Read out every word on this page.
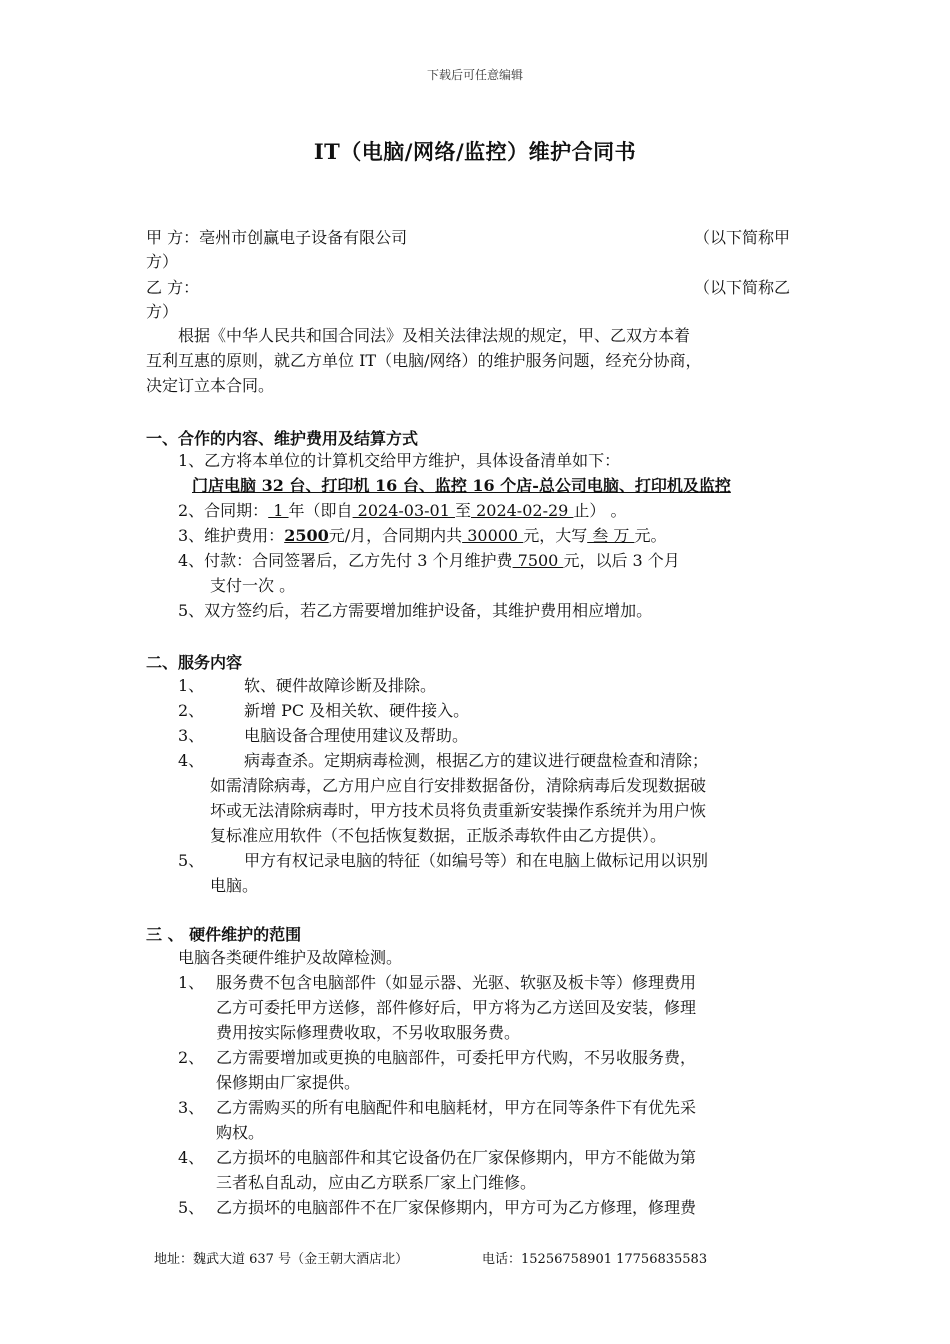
下载后可任意编辑
IT（电脑/网络/监控）维护合同书
甲 方：亳州市创赢电子设备有限公司	（以下简称甲
方）
乙 方：	（以下简称乙
方）
根据《中华人民共和国合同法》及相关法律法规的规定，甲、乙双方本着
互利互惠的原则，就乙方单位 IT（电脑/网络）的维护服务问题，经充分协商，
决定订立本合同。
一、合作的内容、维护费用及结算方式
1、乙方将本单位的计算机交给甲方维护，具体设备清单如下：
门店电脑 32 台、打印机 16 台、监控 16 个店-总公司电脑、打印机及监控
2、合同期： 1 年（即自 2024-03-01 至 2024-02-29 止） 。
3、维护费用：2500元/月，合同期内共 30000 元，大写 叁 万 元。
4、付款：合同签署后，乙方先付 3 个月维护费 7500 元，以后 3 个月
支付一次 。
5、双方签约后，若乙方需要增加维护设备，其维护费用相应增加。
二、服务内容
1、 软、硬件故障诊断及排除。
2、 新增 PC 及相关软、硬件接入。
3、 电脑设备合理使用建议及帮助。
4、 病毒查杀。定期病毒检测，根据乙方的建议进行硬盘检查和清除；
如需清除病毒，乙方用户应自行安排数据备份，清除病毒后发现数据破
坏或无法清除病毒时，甲方技术员将负责重新安装操作系统并为用户恢
复标准应用软件（不包括恢复数据，正版杀毒软件由乙方提供）。
5、 甲方有权记录电脑的特征（如编号等）和在电脑上做标记用以识别
电脑。
三 、 硬件维护的范围
电脑各类硬件维护及故障检测。
1、 服务费不包含电脑部件（如显示器、光驱、软驱及板卡等）修理费用
乙方可委托甲方送修，部件修好后，甲方将为乙方送回及安装，修理
费用按实际修理费收取，不另收取服务费。
2、 乙方需要增加或更换的电脑部件，可委托甲方代购，不另收服务费，
保修期由厂家提供。
3、 乙方需购买的所有电脑配件和电脑耗材，甲方在同等条件下有优先采
购权。
4、 乙方损坏的电脑部件和其它设备仍在厂家保修期内，甲方不能做为第
三者私自乱动，应由乙方联系厂家上门维修。
5、 乙方损坏的电脑部件不在厂家保修期内，甲方可为乙方修理，修理费
地址：魏武大道 637 号（金王朝大酒店北）	电话：15256758901 17756835583
